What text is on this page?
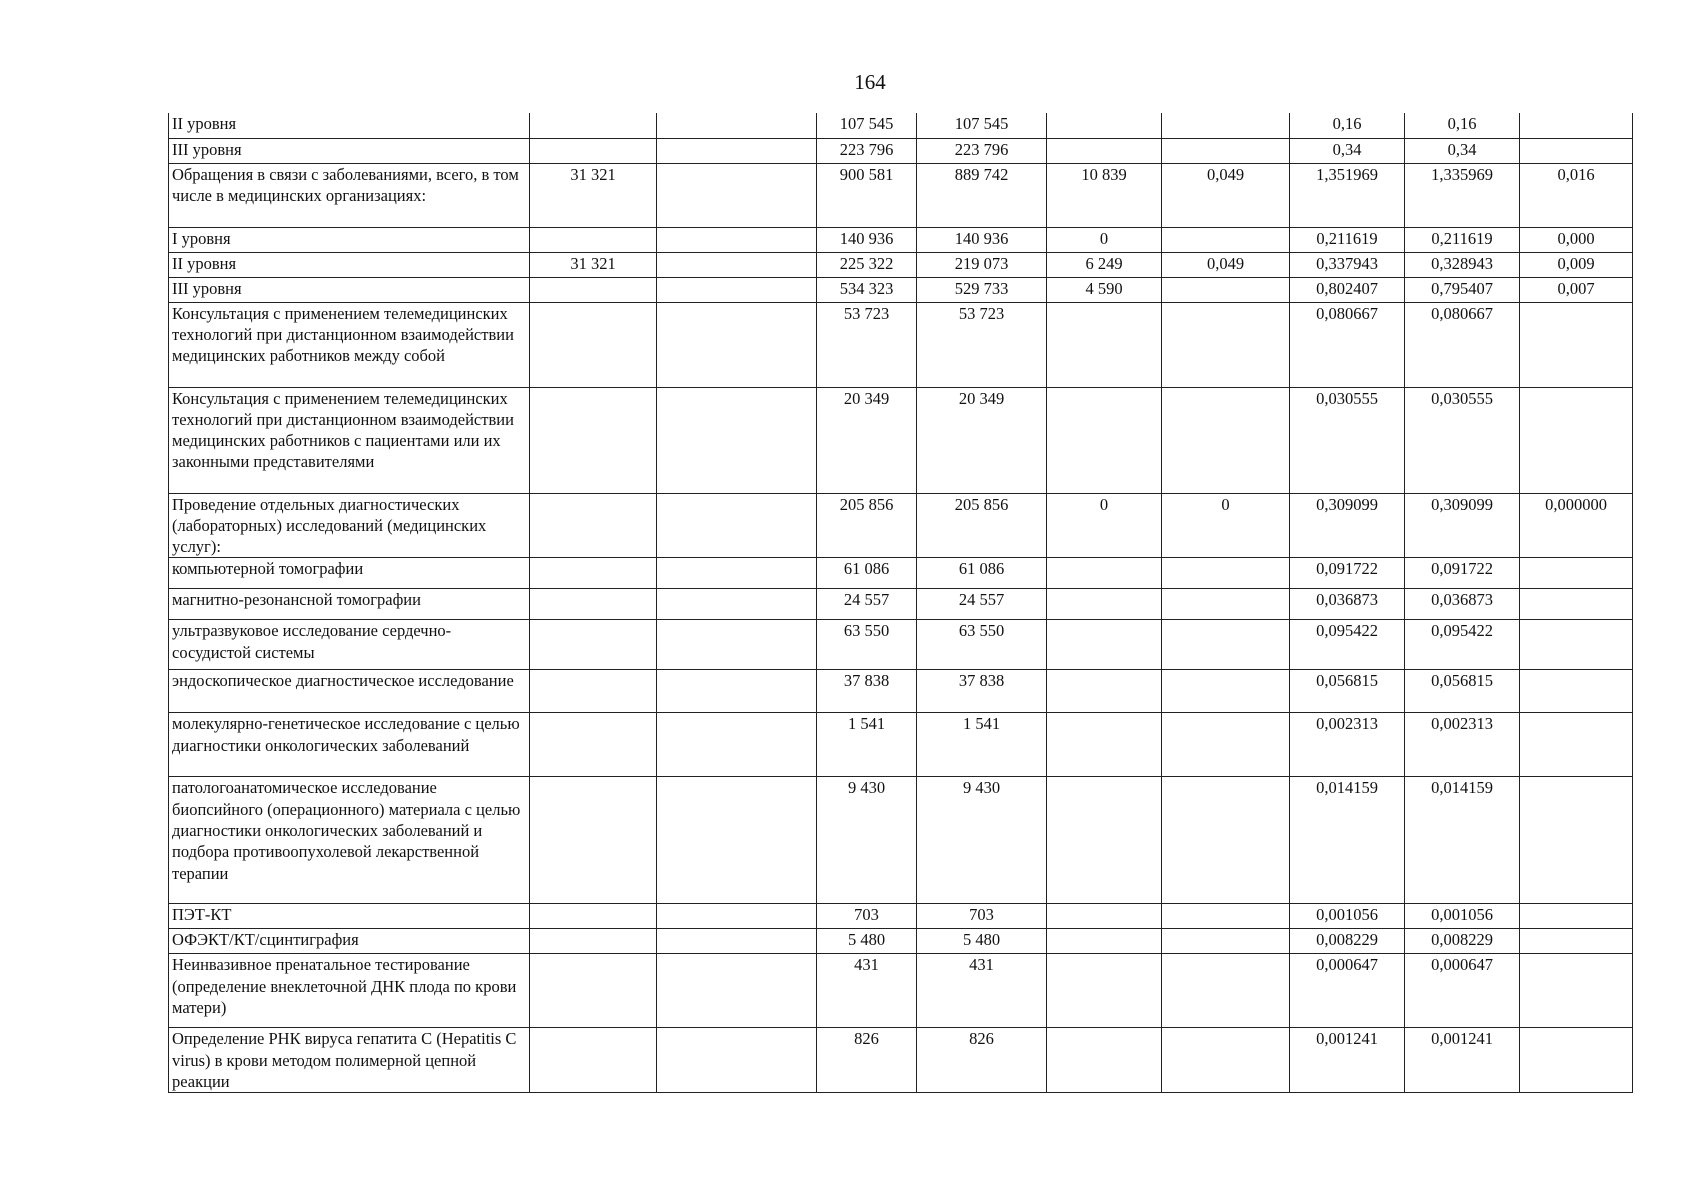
164
II уровня			107 545	107 545			0,16	0,16	
III уровня			223 796	223 796			0,34	0,34	
Обращения в связи с заболеваниями, всего, в том числе в медицинских организациях:	31 321		900 581	889 742	10 839	0,049	1,351969	1,335969	0,016
I уровня			140 936	140 936	0		0,211619	0,211619	0,000
II уровня	31 321		225 322	219 073	6 249	0,049	0,337943	0,328943	0,009
III уровня			534 323	529 733	4 590		0,802407	0,795407	0,007
Консультация с применением телемедицинских технологий при дистанционном взаимодействии медицинских работников между собой			53 723	53 723			0,080667	0,080667	
Консультация с применением телемедицинских технологий при дистанционном взаимодействии медицинских работников с пациентами или их законными представителями			20 349	20 349			0,030555	0,030555	
Проведение отдельных диагностических (лабораторных) исследований (медицинских услуг):			205 856	205 856	0	0	0,309099	0,309099	0,000000
компьютерной томографии			61 086	61 086			0,091722	0,091722	
магнитно-резонансной томографии			24 557	24 557			0,036873	0,036873	
ультразвуковое исследование сердечно-сосудистой системы			63 550	63 550			0,095422	0,095422	
эндоскопическое диагностическое исследование			37 838	37 838			0,056815	0,056815	
молекулярно-генетическое исследование с целью диагностики онкологических заболеваний			1 541	1 541			0,002313	0,002313	
патологоанатомическое исследование биопсийного (операционного) материала с целью диагностики онкологических заболеваний и подбора противоопухолевой лекарственной терапии			9 430	9 430			0,014159	0,014159	
ПЭТ-КТ			703	703			0,001056	0,001056	
ОФЭКТ/КТ/сцинтиграфия			5 480	5 480			0,008229	0,008229	
Неинвазивное пренатальное тестирование (определение внеклеточной ДНК плода по крови матери)			431	431			0,000647	0,000647	
Определение РНК вируса гепатита С (Hepatitis C virus) в крови методом полимерной цепной реакции			826	826			0,001241	0,001241	
